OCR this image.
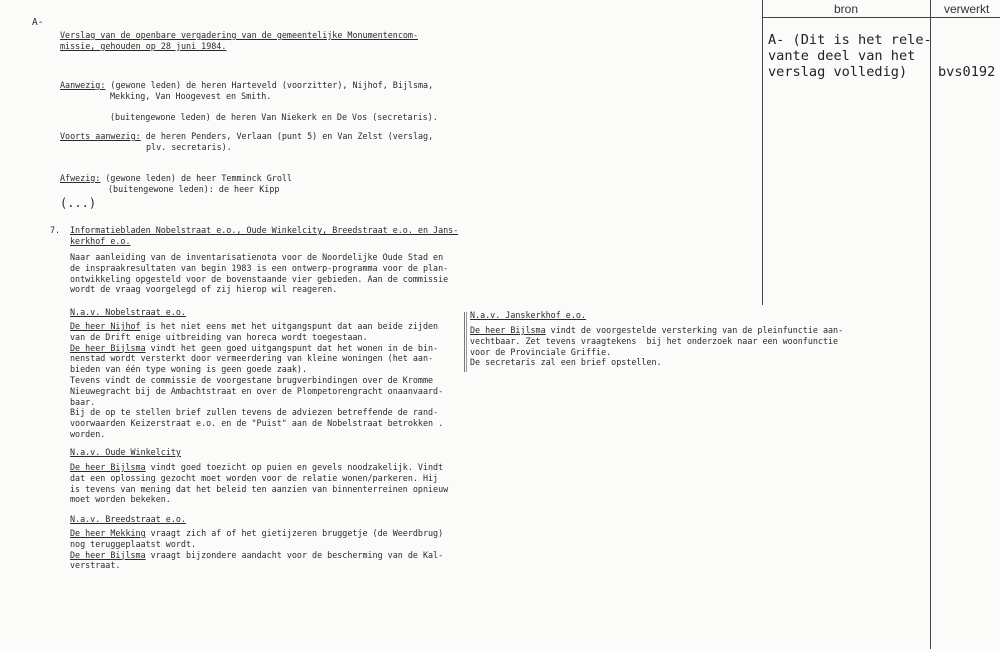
bron	verwerkt
A- (Dit is het rele-
vante deel van het
verslag volledig)	bvs0192
A-
Verslag van de openbare vergadering van de gemeentelijke Monumentencom-
missie, gehouden op 28 juni 1984.
Aanwezig: (gewone leden) de heren Harteveld (voorzitter), Nijhof, Bijlsma,
Mekking, Van Hoogevest en Smith.
(buitengewone leden) de heren Van Niekerk en De Vos (secretaris).
Voorts aanwezig: de heren Penders, Verlaan (punt 5) en Van Zelst (verslag,
plv. secretaris).
Afwezig: (gewone leden) de heer Temminck Groll
(buitengewone leden): de heer Kipp
(...)
7. Informatiebladen Nobelstraat e.o., Oude Winkelcity, Breedstraat e.o. en Jans-
kerkhof e.o.
Naar aanleiding van de inventarisatienota voor de Noordelijke Oude Stad en
de inspraakresultaten van begin 1983 is een ontwerp-programma voor de plan-
ontwikkeling opgesteld voor de bovenstaande vier gebieden. Aan de commissie
wordt de vraag voorgelegd of zij hierop wil reageren.
N.a.v. Nobelstraat e.o.
De heer Nijhof is het niet eens met het uitgangspunt dat aan beide zijden
van de Drift enige uitbreiding van horeca wordt toegestaan.
De heer Bijlsma vindt het geen goed uitgangspunt dat het wonen in de bin-
nenstad wordt versterkt door vermeerdering van kleine woningen (het aan-
bieden van één type woning is geen goede zaak).
Tevens vindt de commissie de voorgestane brugverbindingen over de Kromme
Nieuwegracht bij de Ambachtstraat en over de Plompetorengracht onaanvaard-
baar.
Bij de op te stellen brief zullen tevens de adviezen betreffende de rand-
voorwaarden Keizerstraat e.o. en de "Puist" aan de Nobelstraat betrokken .
worden.
N.a.v. Oude Winkelcity
De heer Bijlsma vindt goed toezicht op puien en gevels noodzakelijk. Vindt
dat een oplossing gezocht moet worden voor de relatie wonen/parkeren. Hij
is tevens van mening dat het beleid ten aanzien van binnenterreinen opnieuw
moet worden bekeken.
N.a.v. Breedstraat e.o.
De heer Mekking vraagt zich af of het gietijzeren bruggetje (de Weerdbrug)
nog teruggeplaatst wordt.
De heer Bijlsma vraagt bijzondere aandacht voor de bescherming van de Kal-
verstraat.
N.a.v. Janskerkhof e.o.
De heer Bijlsma vindt de voorgestelde versterking van de pleinfunctie aan-
vechtbaar. Zet tevens vraagtekens  bij het onderzoek naar een woonfunctie
voor de Provinciale Griffie.
De secretaris zal een brief opstellen.
